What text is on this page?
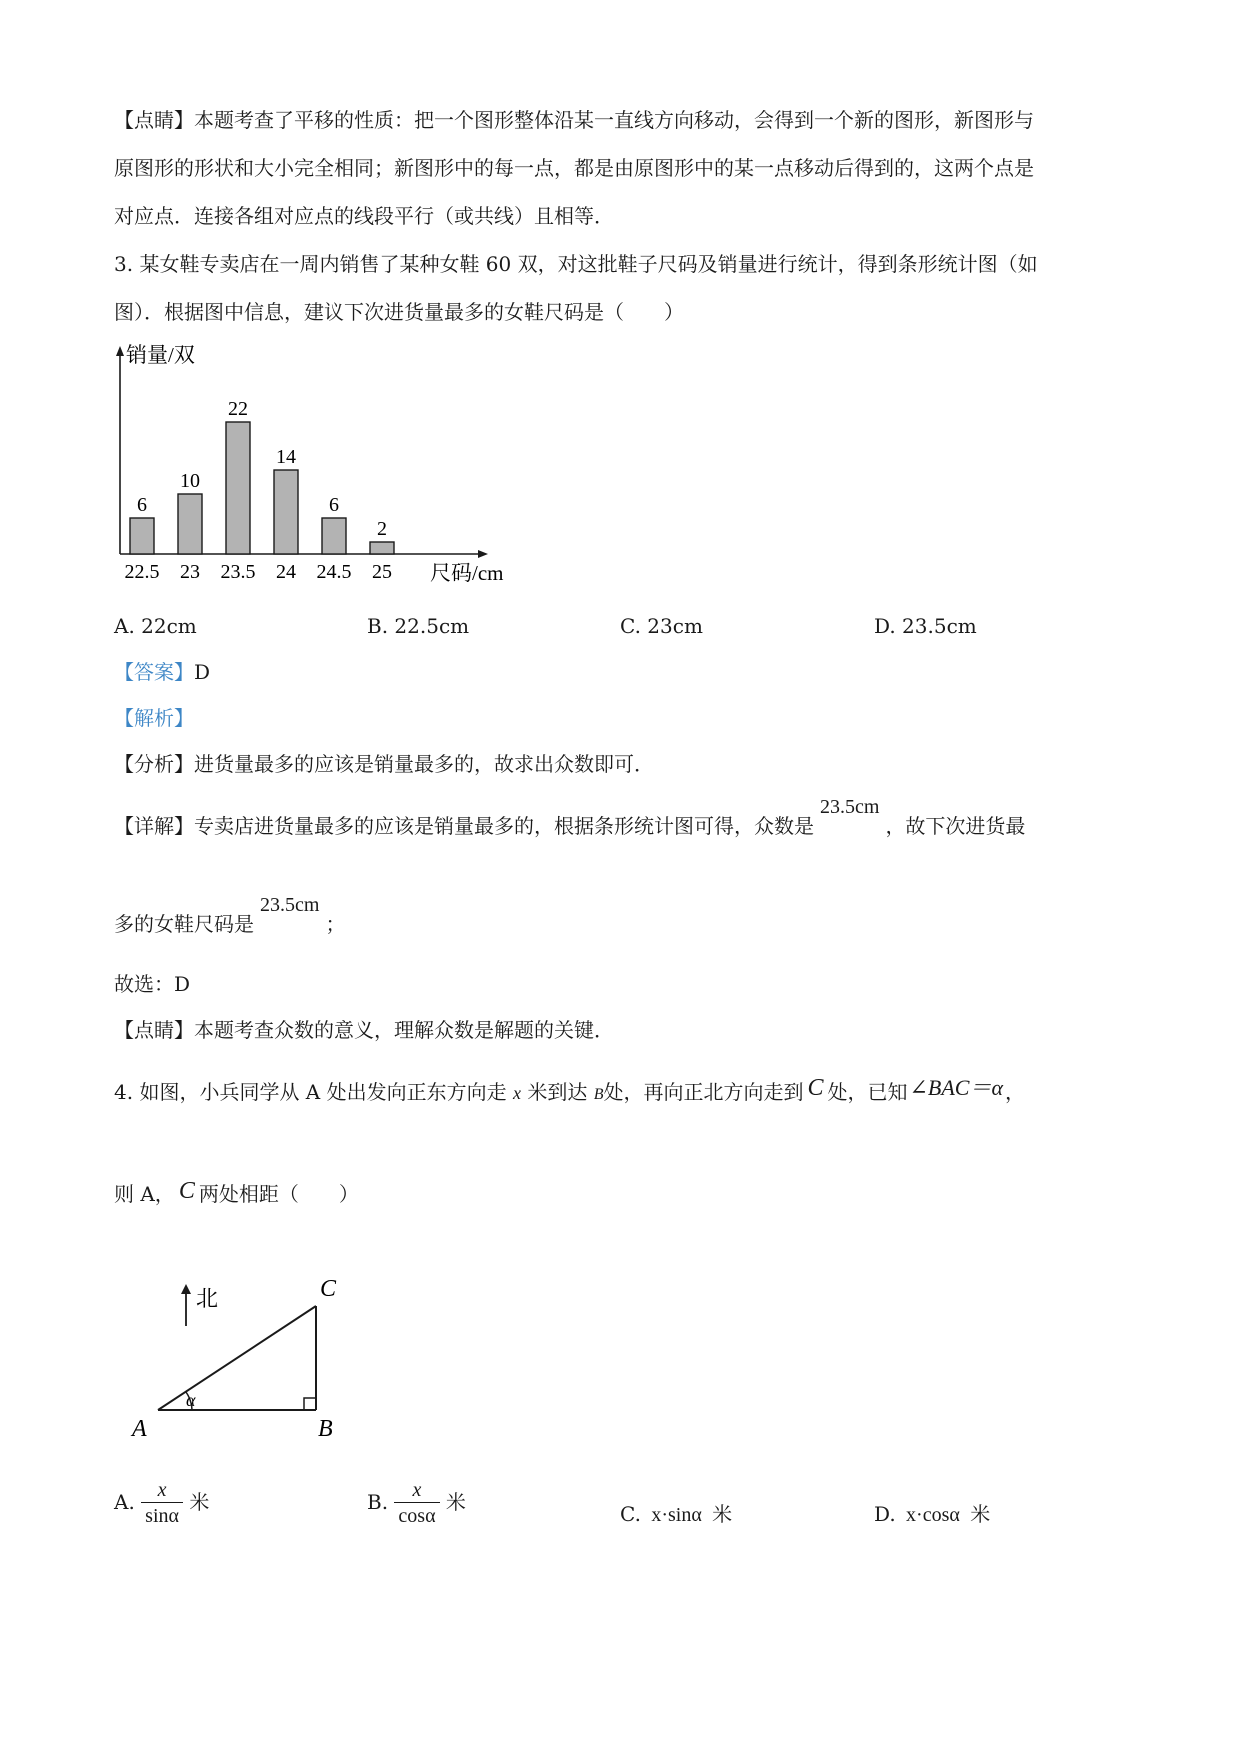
【点睛】本题考查了平移的性质：把一个图形整体沿某一直线方向移动，会得到一个新的图形，新图形与
原图形的形状和大小完全相同；新图形中的每一点，都是由原图形中的某一点移动后得到的，这两个点是
对应点．连接各组对应点的线段平行（或共线）且相等．
3. 某女鞋专卖店在一周内销售了某种女鞋 60 双，对这批鞋子尺码及销量进行统计，得到条形统计图（如
图）．根据图中信息，建议下次进货量最多的女鞋尺码是（　　）
销量/双
尺码/cm
6
22.5
10
23
22
23.5
14
24
6
24.5
2
25
A. 22cm	B. 22.5cm	C. 23cm	D. 23.5cm
【答案】D
【解析】
【分析】进货量最多的应该是销量最多的，故求出众数即可．
【详解】专卖店进货量最多的应该是销量最多的，根据条形统计图可得，众数是23.5cm，故下次进货最
多的女鞋尺码是23.5cm；
故选：D
【点睛】本题考查众数的意义，理解众数是解题的关键．
4. 如图，小兵同学从 A 处出发向正东方向走 x 米到达 B处，再向正北方向走到 C 处，已知∠BAC＝α ，
则 A， C 两处相距（　　）
北	C
A	B
α
A. $\frac{x}{\sin\alpha}$ 米	B. $\frac{x}{\cos\alpha}$ 米	C. x·sinα 米	D. x·cosα 米
